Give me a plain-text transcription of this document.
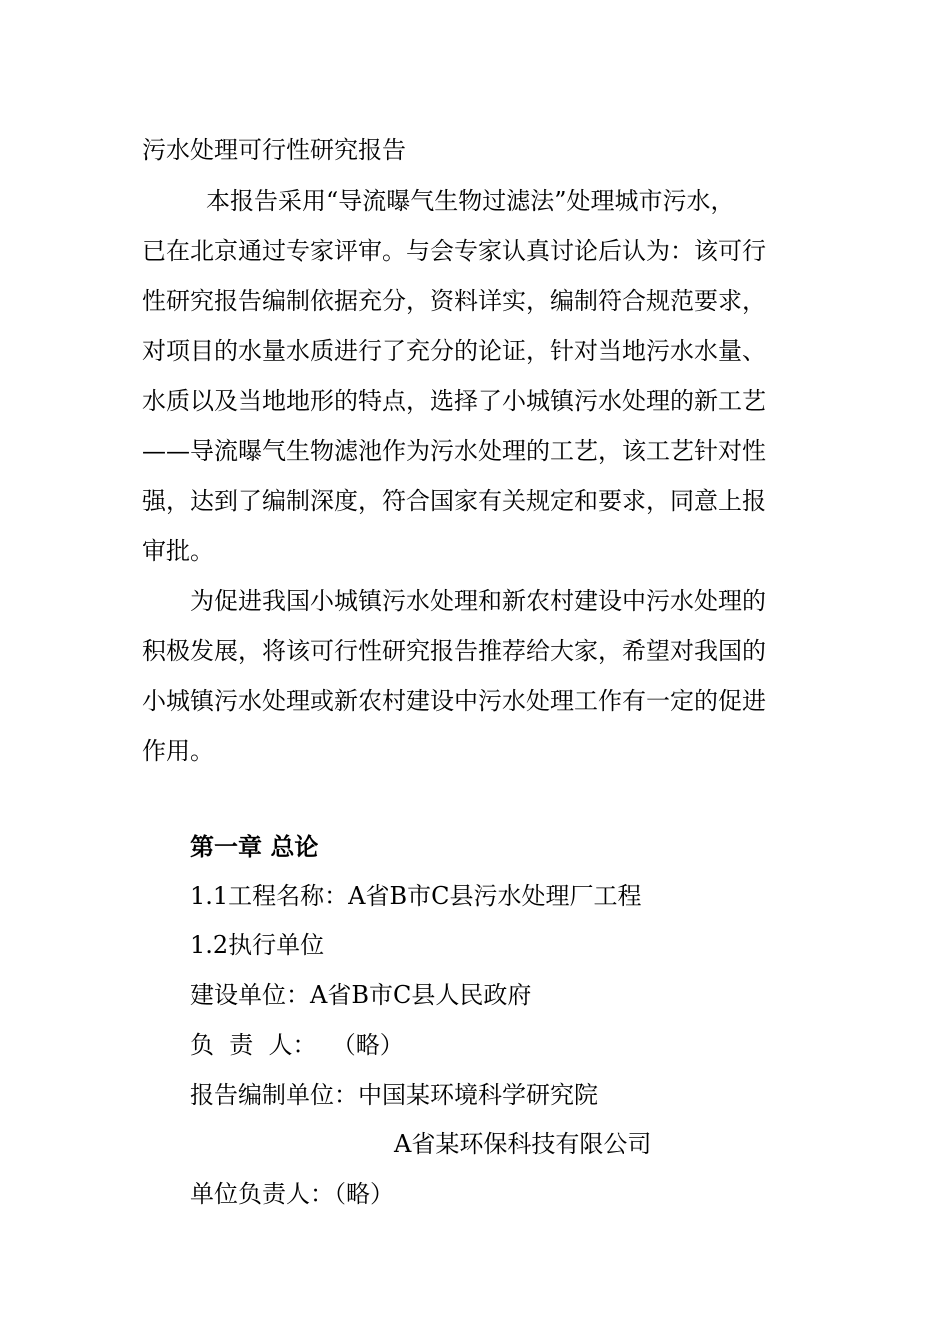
污水处理可行性研究报告

本报告采用“导流曝气生物过滤法”处理城市污水，
已在北京通过专家评审。与会专家认真讨论后认为：该可行
性研究报告编制依据充分，资料详实，编制符合规范要求，
对项目的水量水质进行了充分的论证，针对当地污水水量、
水质以及当地地形的特点，选择了小城镇污水处理的新工艺
——导流曝气生物滤池作为污水处理的工艺，该工艺针对性
强，达到了编制深度，符合国家有关规定和要求，同意上报
审批。

为促进我国小城镇污水处理和新农村建设中污水处理的
积极发展，将该可行性研究报告推荐给大家，希望对我国的
小城镇污水处理或新农村建设中污水处理工作有一定的促进
作用。

第一章 总论
1.1工程名称：A省B市C县污水处理厂工程
1.2执行单位
建设单位：A省B市C县人民政府
负  责  人：  （略）
报告编制单位：中国某环境科学研究院
A省某环保科技有限公司
单位负责人：（略）
